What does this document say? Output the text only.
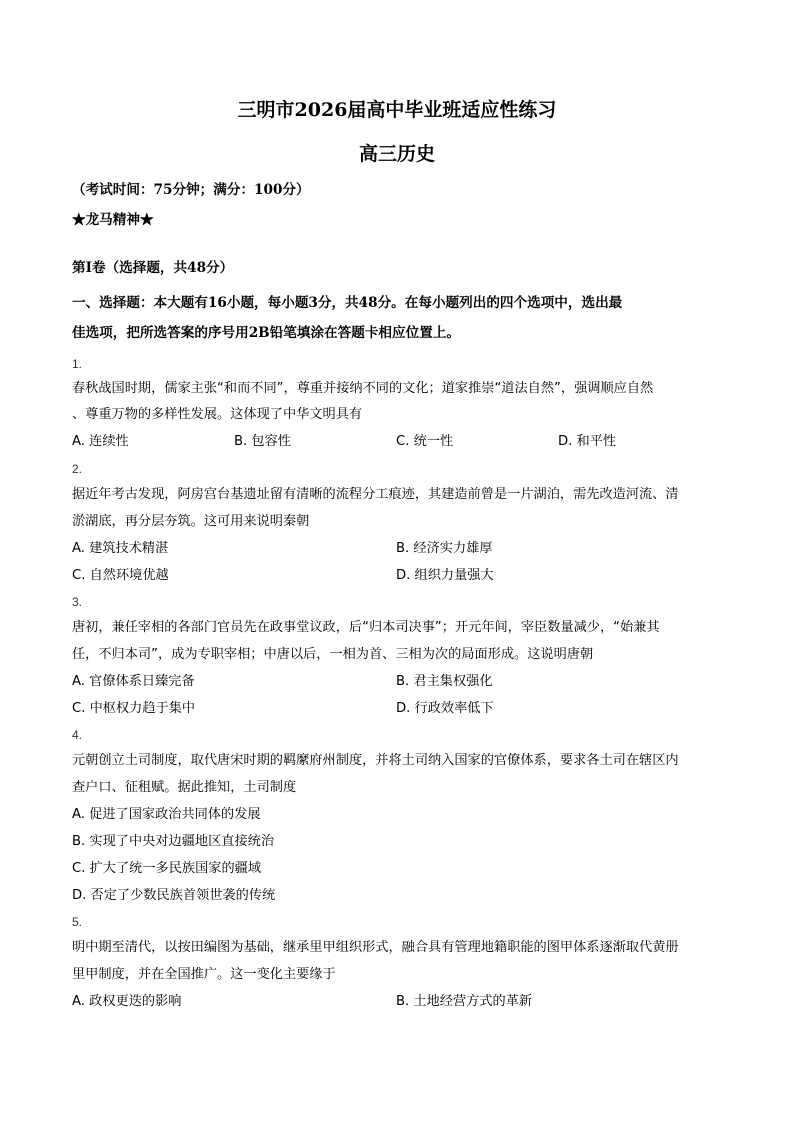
三明市2026届高中毕业班适应性练习
高三历史
（考试时间：75分钟；满分：100分）
★龙马精神★
第I卷（选择题，共48分）
一、选择题：本大题有16小题，每小题3分，共48分。在每小题列出的四个选项中，选出最
佳选项，把所选答案的序号用2B铅笔填涂在答题卡相应位置上。
1.
春秋战国时期，儒家主张“和而不同”，尊重并接纳不同的文化；道家推崇“道法自然”，强调顺应自然
、尊重万物的多样性发展。这体现了中华文明具有
A. 连续性	B. 包容性	C. 统一性	D. 和平性
2.
据近年考古发现，阿房宫台基遗址留有清晰的流程分工痕迹，其建造前曾是一片湖泊，需先改造河流、清
淤湖底，再分层夯筑。这可用来说明秦朝
A. 建筑技术精湛	B. 经济实力雄厚
C. 自然环境优越	D. 组织力量强大
3.
唐初，兼任宰相的各部门官员先在政事堂议政，后“归本司决事”；开元年间，宰臣数量减少，“始兼其
任，不归本司”，成为专职宰相；中唐以后，一相为首、三相为次的局面形成。这说明唐朝
A. 官僚体系日臻完备	B. 君主集权强化
C. 中枢权力趋于集中	D. 行政效率低下
4.
元朝创立土司制度，取代唐宋时期的羁縻府州制度，并将土司纳入国家的官僚体系，要求各土司在辖区内
查户口、征租赋。据此推知，土司制度
A. 促进了国家政治共同体的发展
B. 实现了中央对边疆地区直接统治
C. 扩大了统一多民族国家的疆域
D. 否定了少数民族首领世袭的传统
5.
明中期至清代，以按田编图为基础，继承里甲组织形式，融合具有管理地籍职能的图甲体系逐渐取代黄册
里甲制度，并在全国推广。这一变化主要缘于
A. 政权更迭的影响	B. 土地经营方式的革新
